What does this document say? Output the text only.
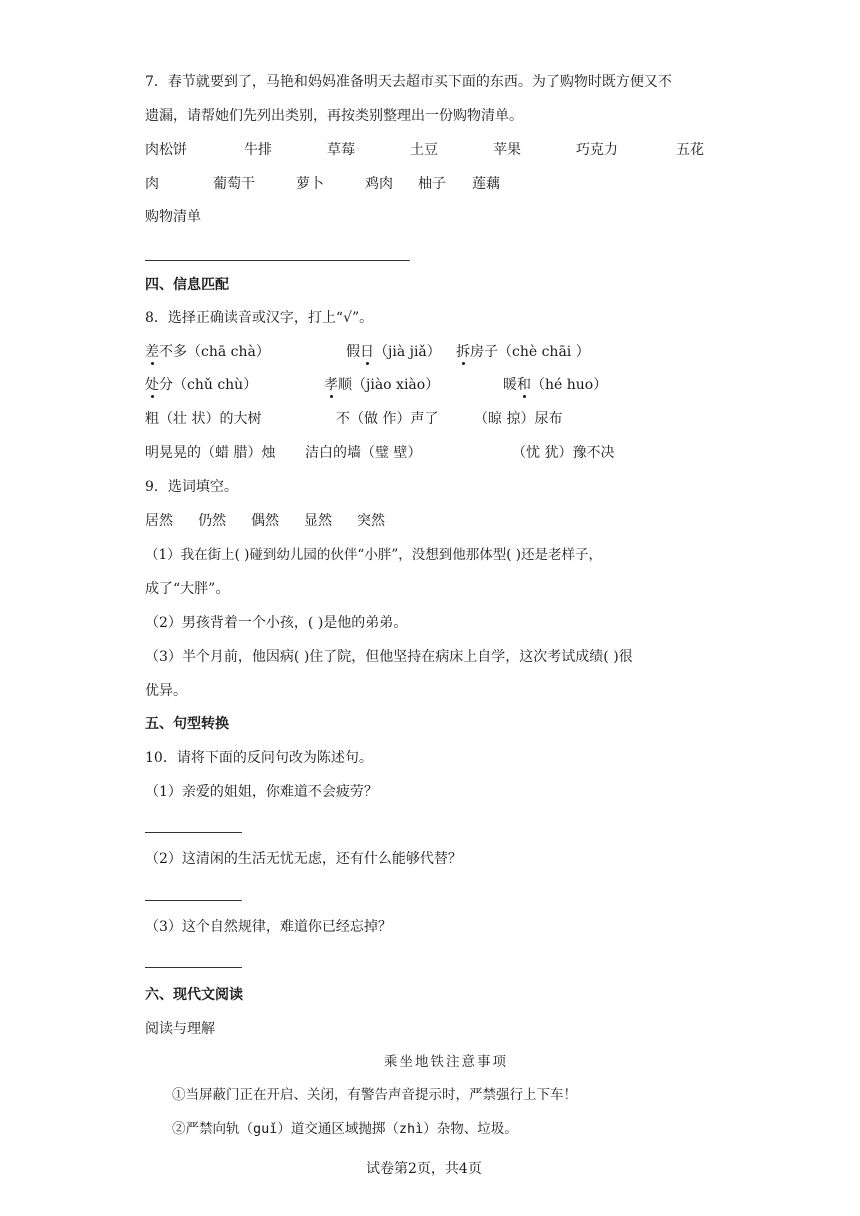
7．春节就要到了，马艳和妈妈准备明天去超市买下面的东西。为了购物时既方便又不
遗漏，请帮她们先列出类别，再按类别整理出一份购物清单。
肉松饼	牛排	草莓	土豆	苹果	巧克力	五花
肉	葡萄干	萝卜	鸡肉 柚子 莲藕
购物清单
四、信息匹配
8．选择正确读音或汉字，打上“√”。
差不多（chā chà）	假日（jià jiǎ） 拆房子（chè chāi ）
处分（chǔ chù）	孝顺（jiào xiào）	暖和（hé huo）
粗（壮 状）的大树	不（做 作）声了	（晾 掠）尿布
明晃晃的（蜡 腊）烛 洁白的墙（璧 壁）	（忧 犹）豫不决
9．选词填空。
居然 仍然 偶然 显然 突然
（1）我在街上( )碰到幼儿园的伙伴“小胖”，没想到他那体型( )还是老样子，
成了“大胖”。
（2）男孩背着一个小孩，( )是他的弟弟。
（3）半个月前，他因病( )住了院，但他坚持在病床上自学，这次考试成绩( )很
优异。
五、句型转换
10．请将下面的反问句改为陈述句。
（1）亲爱的姐姐，你难道不会疲劳？
（2）这清闲的生活无忧无虑，还有什么能够代替？
（3）这个自然规律，难道你已经忘掉？
六、现代文阅读
阅读与理解
乘坐地铁注意事项
①当屏蔽门正在开启、关闭，有警告声音提示时，严禁强行上下车！
②严禁向轨（guǐ）道交通区域抛掷（zhì）杂物、垃圾。
试卷第2页，共4页
